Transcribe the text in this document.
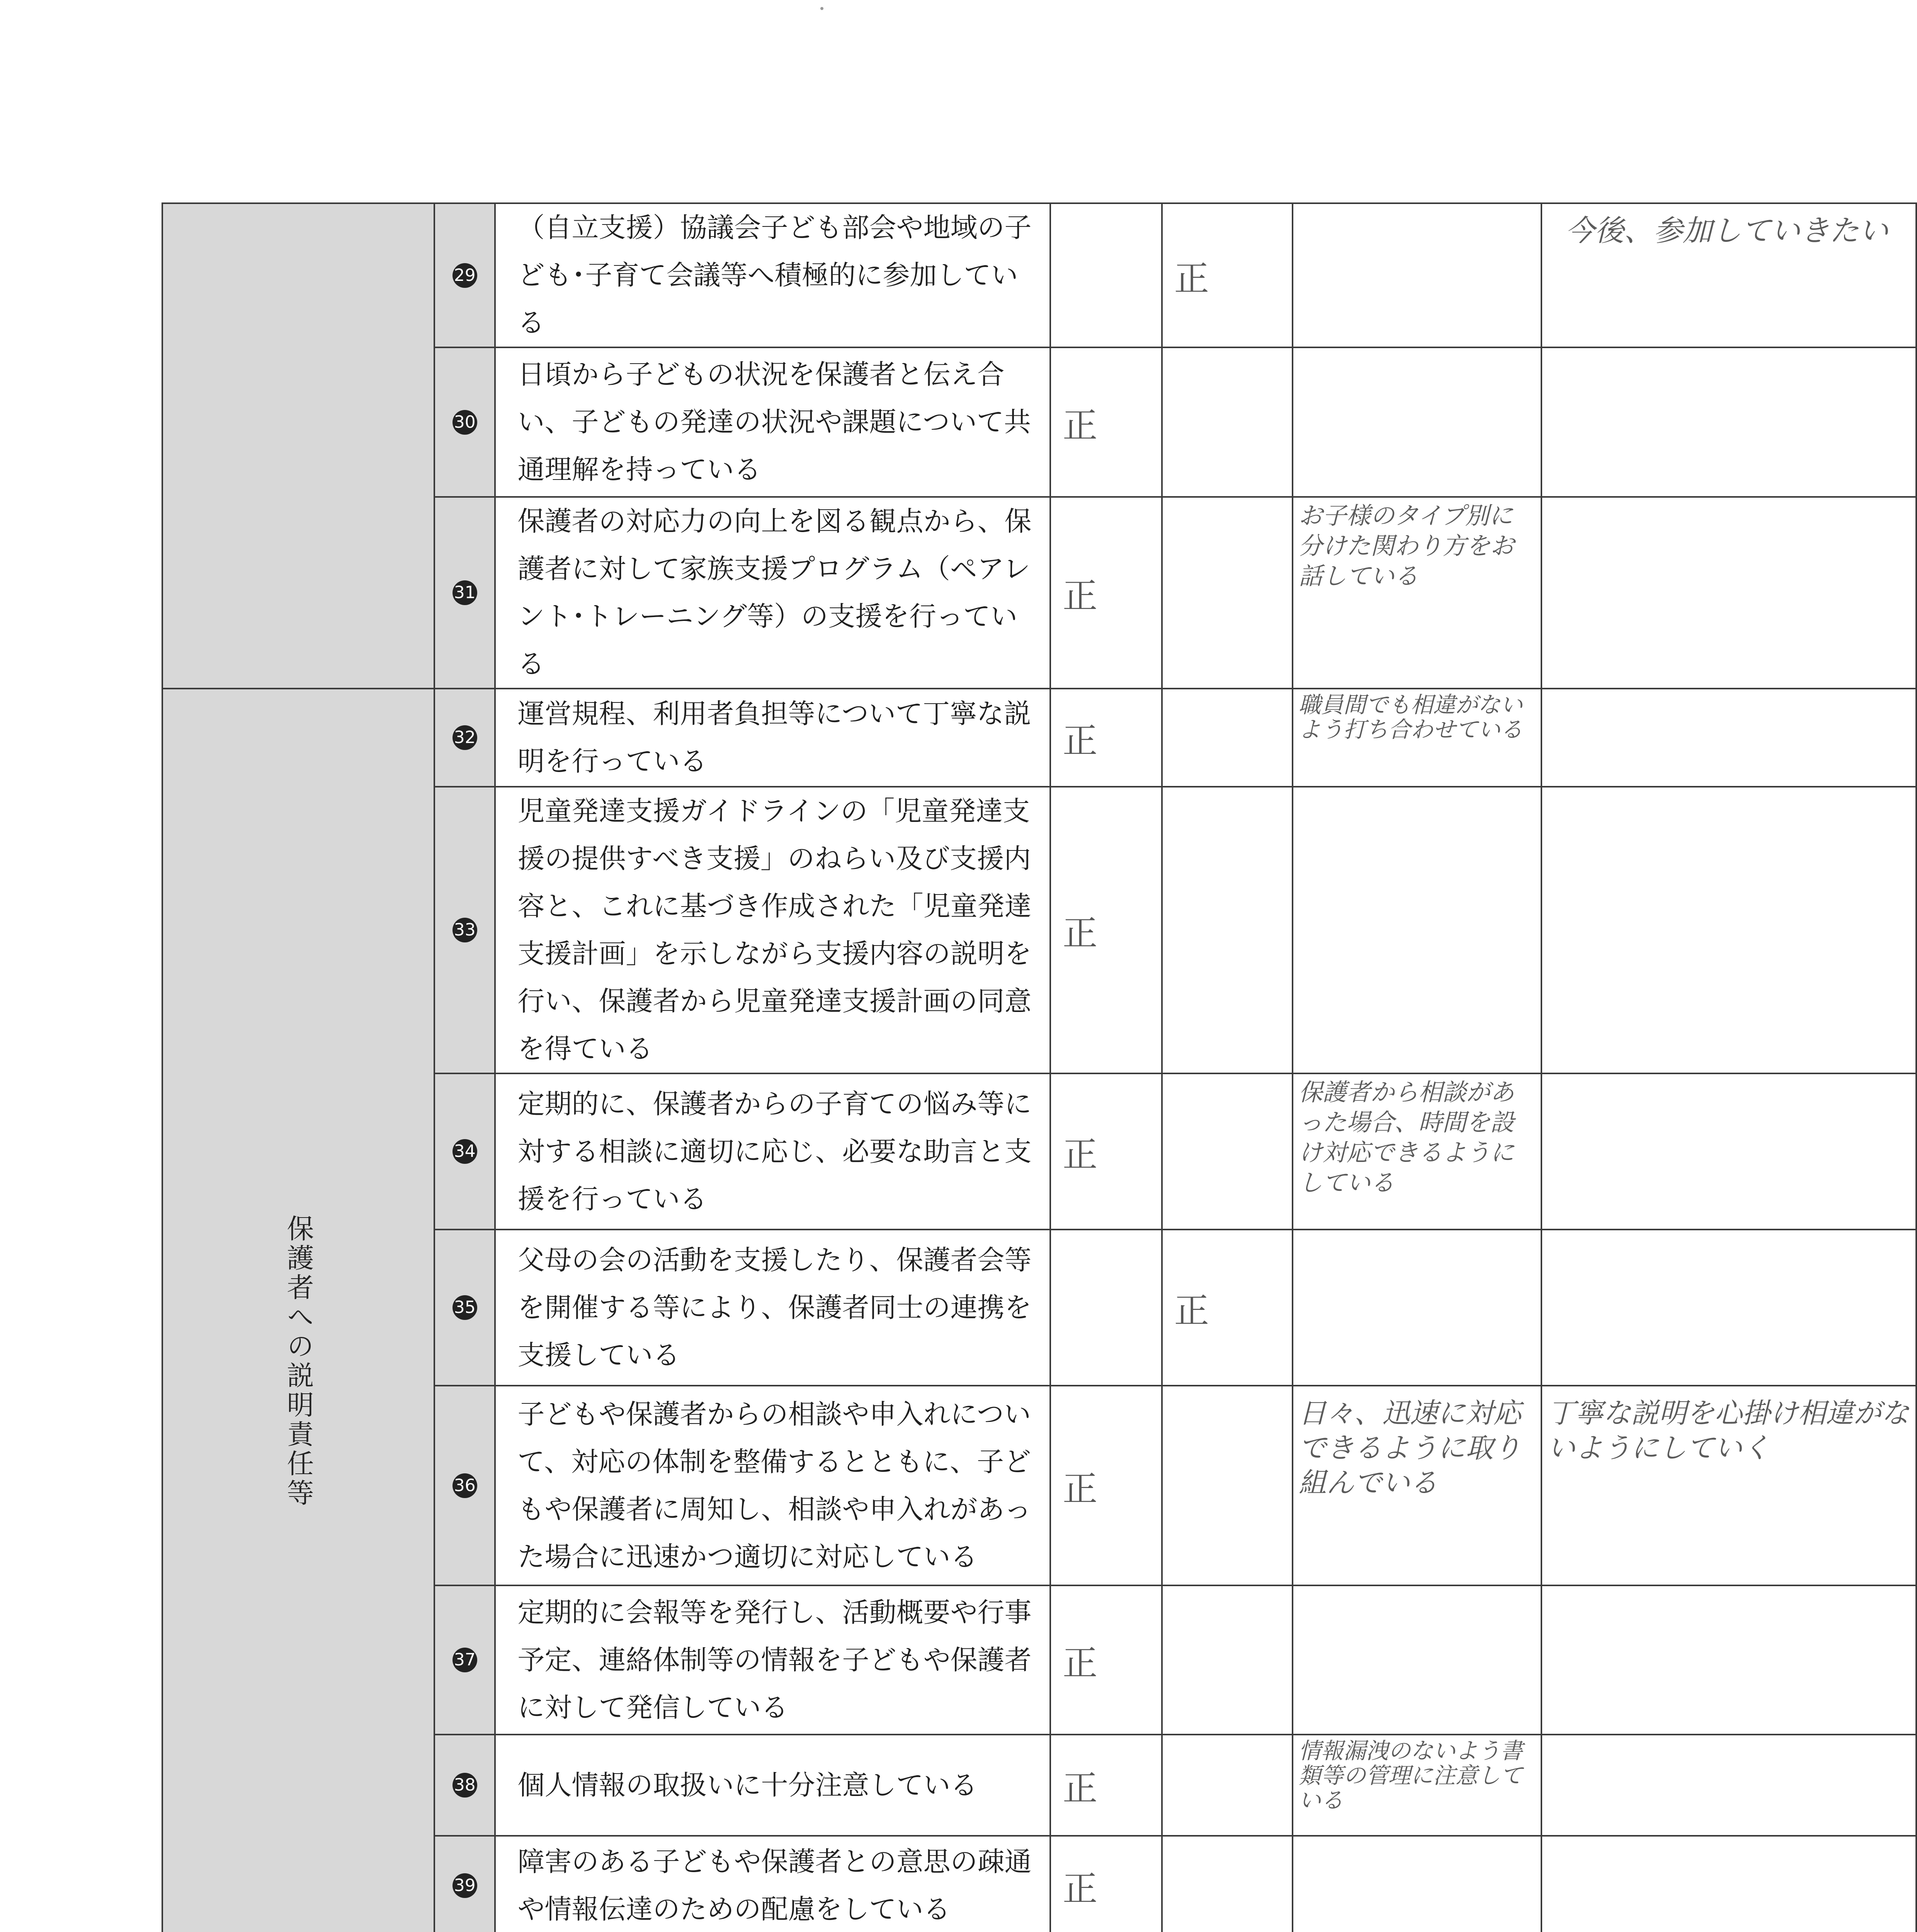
	29	（自立支援）協議会子ども部会や地域の子ども･子育て会議等へ積極的に参加している		正		今後、参加していきたい
	30	日頃から子どもの状況を保護者と伝え合い、子どもの発達の状況や課題について共通理解を持っている	正			
	31	保護者の対応力の向上を図る観点から、保護者に対して家族支援プログラム（ペアレント･トレーニング等）の支援を行っている	正		お子様のタイプ別に分けた関わり方をお話している	
保護者への説明責任等	32	運営規程、利用者負担等について丁寧な説明を行っている	正		職員間でも相違がないよう打ち合わせている	
	33	児童発達支援ガイドラインの「児童発達支援の提供すべき支援」のねらい及び支援内容と、これに基づき作成された「児童発達支援計画」を示しながら支援内容の説明を行い、保護者から児童発達支援計画の同意を得ている	正			
	34	定期的に、保護者からの子育ての悩み等に対する相談に適切に応じ、必要な助言と支援を行っている	正		保護者から相談があった場合、時間を設け対応できるようにしている	
	35	父母の会の活動を支援したり、保護者会等を開催する等により、保護者同士の連携を支援している		正		
	36	子どもや保護者からの相談や申入れについて、対応の体制を整備するとともに、子どもや保護者に周知し、相談や申入れがあった場合に迅速かつ適切に対応している	正		日々、迅速に対応できるように取り組んでいる	丁寧な説明を心掛け相違がないようにしていく
	37	定期的に会報等を発行し、活動概要や行事予定、連絡体制等の情報を子どもや保護者に対して発信している	正			
	38	個人情報の取扱いに十分注意している	正		情報漏洩のないよう書類等の管理に注意している	
	39	障害のある子どもや保護者との意思の疎通や情報伝達のための配慮をしている	正			
